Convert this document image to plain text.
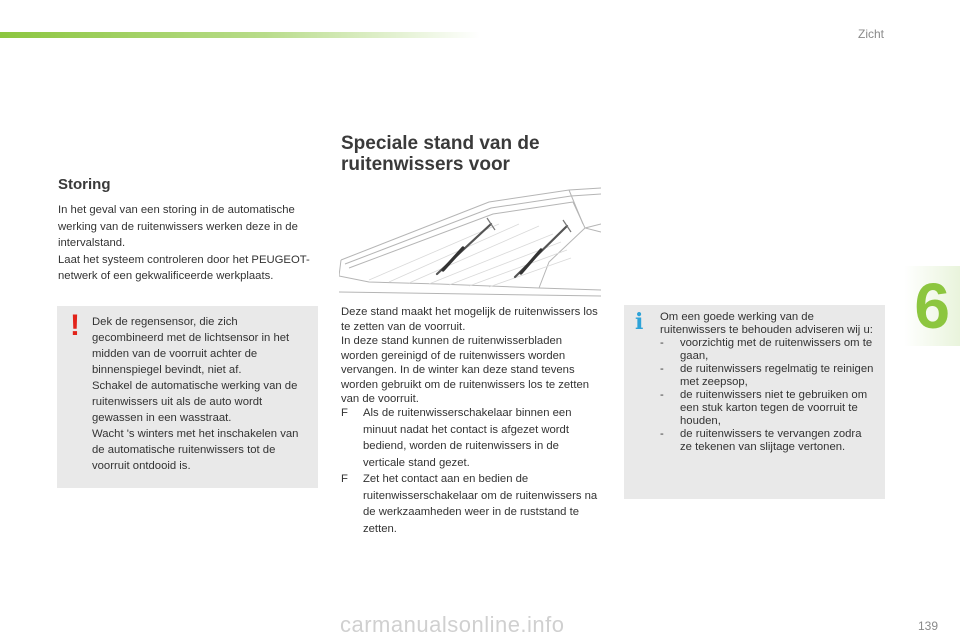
Zicht
6
Storing

In het geval van een storing in de automatische werking van de ruitenwissers werken deze in de intervalstand.

Laat het systeem controleren door het PEUGEOT-netwerk of een gekwalificeerde werkplaats.

! Dek de regensensor, die zich gecombineerd met de lichtsensor in het midden van de voorruit achter de binnenspiegel bevindt, niet af.

Schakel de automatische werking van de ruitenwissers uit als de auto wordt gewassen in een wasstraat.

Wacht 's winters met het inschakelen van de automatische ruitenwissers tot de voorruit ontdooid is.

Speciale stand van de ruitenwissers voor

Deze stand maakt het mogelijk de ruitenwissers los te zetten van de voorruit.

In deze stand kunnen de ruitenwisserbladen worden gereinigd of de ruitenwissers worden vervangen. In de winter kan deze stand tevens worden gebruikt om de ruitenwissers los te zetten van de voorruit.

F Als de ruitenwisserschakelaar binnen een minuut nadat het contact is afgezet wordt bediend, worden de ruitenwissers in de verticale stand gezet.
F Zet het contact aan en bedien de ruitenwisserschakelaar om de ruitenwissers na de werkzaamheden weer in de ruststand te zetten.
i Om een goede werking van de ruitenwissers te behouden adviseren wij u:

- voorzichtig met de ruitenwissers om te gaan,
- de ruitenwissers regelmatig te reinigen met zeepsop,
- de ruitenwissers niet te gebruiken om een stuk karton tegen de voorruit te houden,
- de ruitenwissers te vervangen zodra ze tekenen van slijtage vertonen.
carmanualsonline.info	139
